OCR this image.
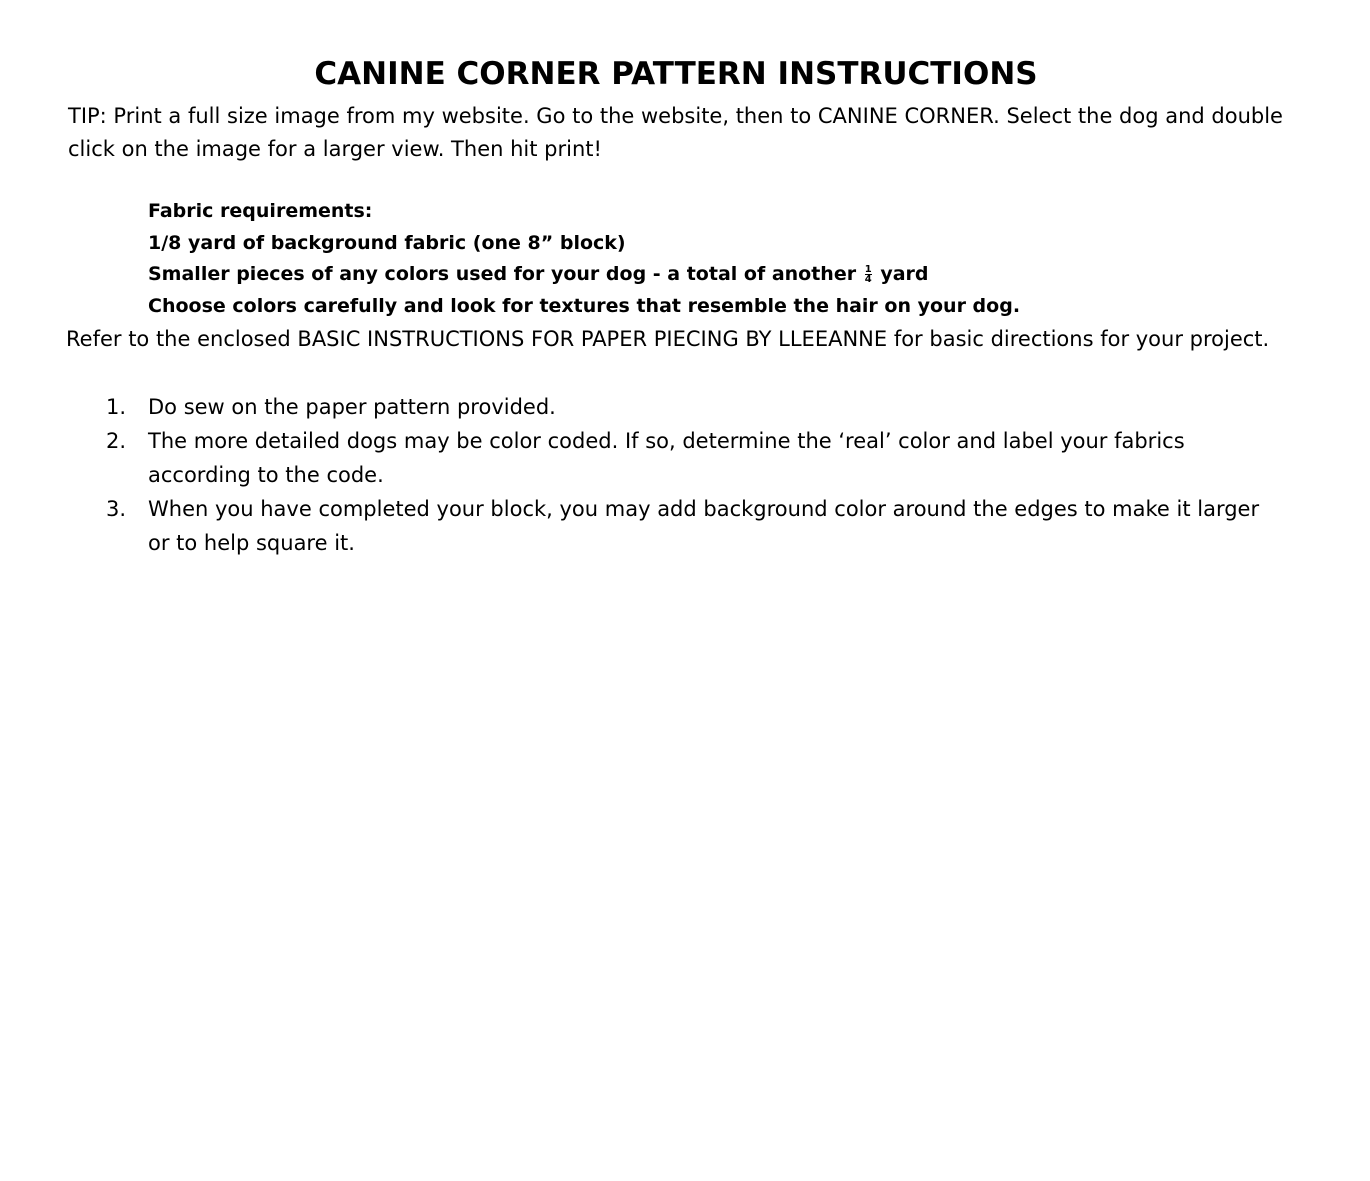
CANINE CORNER PATTERN INSTRUCTIONS
TIP: Print a full size image from my website. Go to the website, then to CANINE CORNER. Select the dog and double click on the image for a larger view. Then hit print!
Fabric requirements:
1/8 yard of background fabric (one 8” block)
Smaller pieces of any colors used for your dog - a total of another $\frac{1}{4}$ yard
Choose colors carefully and look for textures that resemble the hair on your dog.
Refer to the enclosed BASIC INSTRUCTIONS FOR PAPER PIECING BY LLEEANNE for basic directions for your project.
1. Do sew on the paper pattern provided.
2. The more detailed dogs may be color coded. If so, determine the ‘real’ color and label your fabrics according to the code.
3. When you have completed your block, you may add background color around the edges to make it larger or to help square it.
